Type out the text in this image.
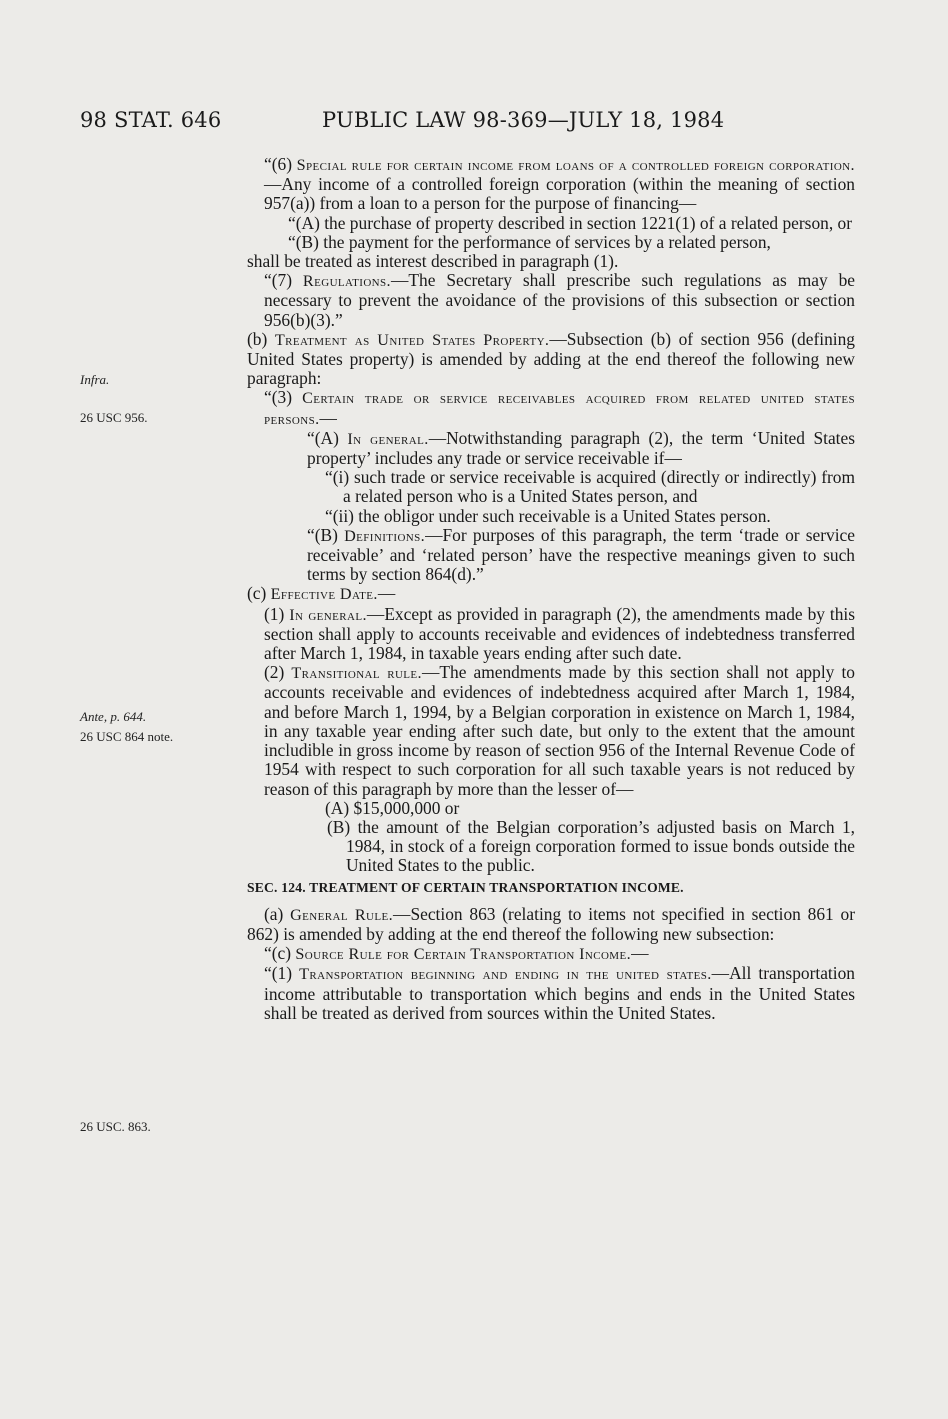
98 STAT. 646	PUBLIC LAW 98-369—JULY 18, 1984
Infra.
26 USC 956.
Ante, p. 644.
26 USC 864 note.
26 USC. 863.

“(6) Special rule for certain income from loans of a controlled foreign corporation.—Any income of a controlled foreign corporation (within the meaning of section 957(a)) from a loan to a person for the purpose of financing—

“(A) the purchase of property described in section 1221(1) of a related person, or

“(B) the payment for the performance of services by a related person,

shall be treated as interest described in paragraph (1).

“(7) Regulations.—The Secretary shall prescribe such regulations as may be necessary to prevent the avoidance of the provisions of this subsection or section 956(b)(3).”

(b) Treatment as United States Property.—Subsection (b) of section 956 (defining United States property) is amended by adding at the end thereof the following new paragraph:

“(3) Certain trade or service receivables acquired from related united states persons.—

“(A) In general.—Notwithstanding paragraph (2), the term ‘United States property’ includes any trade or service receivable if—

“(i) such trade or service receivable is acquired (directly or indirectly) from a related person who is a United States person, and

“(ii) the obligor under such receivable is a United States person.

“(B) Definitions.—For purposes of this paragraph, the term ‘trade or service receivable’ and ‘related person’ have the respective meanings given to such terms by section 864(d).”

(c) Effective Date.—

(1) In general.—Except as provided in paragraph (2), the amendments made by this section shall apply to accounts receivable and evidences of indebtedness transferred after March 1, 1984, in taxable years ending after such date.

(2) Transitional rule.—The amendments made by this section shall not apply to accounts receivable and evidences of indebtedness acquired after March 1, 1984, and before March 1, 1994, by a Belgian corporation in existence on March 1, 1984, in any taxable year ending after such date, but only to the extent that the amount includible in gross income by reason of section 956 of the Internal Revenue Code of 1954 with respect to such corporation for all such taxable years is not reduced by reason of this paragraph by more than the lesser of—

(A) $15,000,000 or

(B) the amount of the Belgian corporation’s adjusted basis on March 1, 1984, in stock of a foreign corporation formed to issue bonds outside the United States to the public.

SEC. 124. TREATMENT OF CERTAIN TRANSPORTATION INCOME.

(a) General Rule.—Section 863 (relating to items not specified in section 861 or 862) is amended by adding at the end thereof the following new subsection:

“(c) Source Rule for Certain Transportation Income.—

“(1) Transportation beginning and ending in the united states.—All transportation income attributable to transportation which begins and ends in the United States shall be treated as derived from sources within the United States.
